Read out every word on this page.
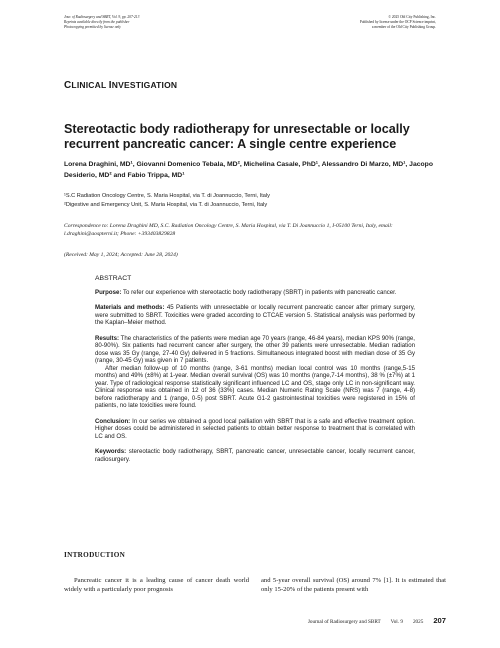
Jour. of Radiosurgery and SBRT, Vol. 9, pp. 207-213
Reprints available directly from the publisher
Photocopying permitted by license only
© 2025 Old City Publishing, Inc.
Published by license under the OCP Science imprint,
a member of the Old City Publishing Group.
CLINICAL INVESTIGATION
Stereotactic body radiotherapy for unresectable or locally recurrent pancreatic cancer: A single centre experience
Lorena Draghini, MD¹, Giovanni Domenico Tebala, MD², Michelina Casale, PhD¹, Alessandro Di Marzo, MD¹, Jacopo Desiderio, MD² and Fabio Trippa, MD¹
¹S.C Radiation Oncology Centre, S. Maria Hospital, via T. di Joannuccio, Terni, Italy
²Digestive and Emergency Unit, S. Maria Hospital, via T. di Joannuccio, Terni, Italy
Correspondence to: Lorena Draghini MD, S.C. Radiation Oncology Centre, S. Maria Hospital, via T. Di Joannuccio 1, I-05100 Terni, Italy, email: l.draghini@aospterni.it; Phone: +393403829828
(Received: May 1, 2024; Accepted: June 28, 2024)
ABSTRACT

Purpose: To refer our experience with stereotactic body radiotherapy (SBRT) in patients with pancreatic cancer.

Materials and methods: 45 Patients with unresectable or locally recurrent pancreatic cancer after primary surgery, were submitted to SBRT. Toxicities were graded according to CTCAE version 5. Statistical analysis was performed by the Kaplan–Meier method.

Results: The characteristics of the patients were median age 70 years (range, 46-84 years), median KPS 90% (range, 80-90%). Six patients had recurrent cancer after surgery, the other 39 patients were unresectable. Median radiation dose was 35 Gy (range, 27-40 Gy) delivered in 5 fractions. Simultaneous integrated boost with median dose of 35 Gy (range, 30-45 Gy) was given in 7 patients.
After median follow-up of 10 months (range, 3-61 months) median local control was 10 months (range,5-15 months) and 49% (±8%) at 1-year. Median overall survival (OS) was 10 months (range,7-14 months), 38 % (±7%) at 1 year. Type of radiological response statistically significant influenced LC and OS, stage only LC in non-significant way. Clinical response was obtained in 12 of 36 (33%) cases. Median Numeric Rating Scale (NRS) was 7 (range, 4-8) before radiotherapy and 1 (range, 0-5) post SBRT. Acute G1-2 gastrointestinal toxicities were registered in 15% of patients, no late toxicities were found.

Conclusion: In our series we obtained a good local palliation with SBRT that is a safe and effective treatment option. Higher doses could be administered in selected patients to obtain better response to treatment that is correlated with LC and OS.

Keywords: stereotactic body radiotherapy, SBRT, pancreatic cancer, unresectable cancer, locally recurrent cancer, radiosurgery.

INTRODUCTION
Pancreatic cancer it is a leading cause of cancer death world widely with a particularly poor prognosis
and 5-year overall survival (OS) around 7% [1]. It is estimated that only 15-20% of the patients present with
Journal of Radiosurgery and SBRT Vol. 9 2025 207
